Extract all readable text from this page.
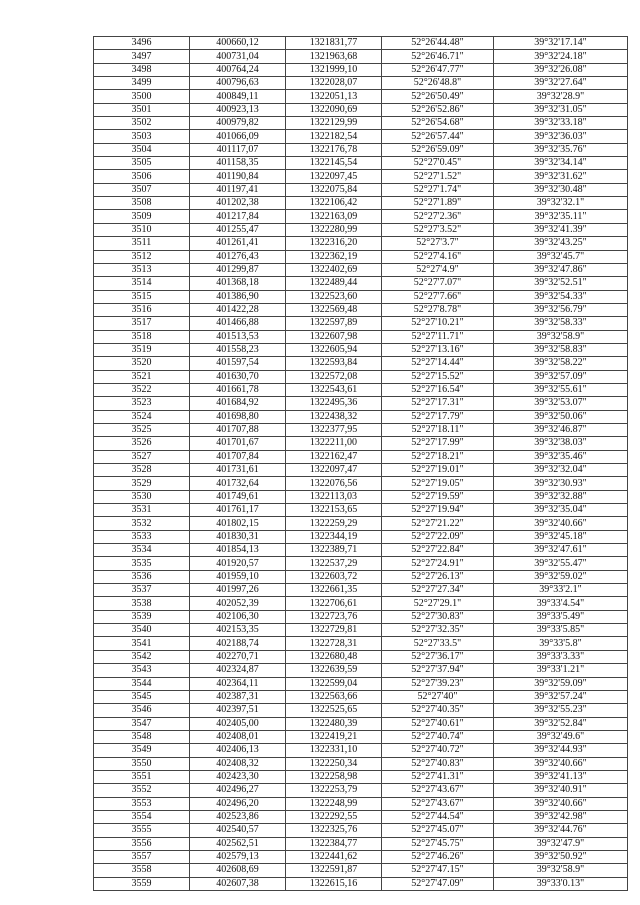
3496	400660,12	1321831,77	52°26'44.48"	39°32'17.14"
3497	400731,04	1321963,68	52°26'46.71"	39°32'24.18"
3498	400764,24	1321999,10	52°26'47.77"	39°32'26.08"
3499	400796,63	1322028,07	52°26'48.8"	39°32'27.64"
3500	400849,11	1322051,13	52°26'50.49"	39°32'28.9"
3501	400923,13	1322090,69	52°26'52.86"	39°32'31.05"
3502	400979,82	1322129,99	52°26'54.68"	39°32'33.18"
3503	401066,09	1322182,54	52°26'57.44"	39°32'36.03"
3504	401117,07	1322176,78	52°26'59.09"	39°32'35.76"
3505	401158,35	1322145,54	52°27'0.45"	39°32'34.14"
3506	401190,84	1322097,45	52°27'1.52"	39°32'31.62"
3507	401197,41	1322075,84	52°27'1.74"	39°32'30.48"
3508	401202,38	1322106,42	52°27'1.89"	39°32'32.1"
3509	401217,84	1322163,09	52°27'2.36"	39°32'35.11"
3510	401255,47	1322280,99	52°27'3.52"	39°32'41.39"
3511	401261,41	1322316,20	52°27'3.7"	39°32'43.25"
3512	401276,43	1322362,19	52°27'4.16"	39°32'45.7"
3513	401299,87	1322402,69	52°27'4.9"	39°32'47.86"
3514	401368,18	1322489,44	52°27'7.07"	39°32'52.51"
3515	401386,90	1322523,60	52°27'7.66"	39°32'54.33"
3516	401422,28	1322569,48	52°27'8.78"	39°32'56.79"
3517	401466,88	1322597,89	52°27'10.21"	39°32'58.33"
3518	401513,53	1322607,98	52°27'11.71"	39°32'58.9"
3519	401558,23	1322605,94	52°27'13.16"	39°32'58.83"
3520	401597,54	1322593,84	52°27'14.44"	39°32'58.22"
3521	401630,70	1322572,08	52°27'15.52"	39°32'57.09"
3522	401661,78	1322543,61	52°27'16.54"	39°32'55.61"
3523	401684,92	1322495,36	52°27'17.31"	39°32'53.07"
3524	401698,80	1322438,32	52°27'17.79"	39°32'50.06"
3525	401707,88	1322377,95	52°27'18.11"	39°32'46.87"
3526	401701,67	1322211,00	52°27'17.99"	39°32'38.03"
3527	401707,84	1322162,47	52°27'18.21"	39°32'35.46"
3528	401731,61	1322097,47	52°27'19.01"	39°32'32.04"
3529	401732,64	1322076,56	52°27'19.05"	39°32'30.93"
3530	401749,61	1322113,03	52°27'19.59"	39°32'32.88"
3531	401761,17	1322153,65	52°27'19.94"	39°32'35.04"
3532	401802,15	1322259,29	52°27'21.22"	39°32'40.66"
3533	401830,31	1322344,19	52°27'22.09"	39°32'45.18"
3534	401854,13	1322389,71	52°27'22.84"	39°32'47.61"
3535	401920,57	1322537,29	52°27'24.91"	39°32'55.47"
3536	401959,10	1322603,72	52°27'26.13"	39°32'59.02"
3537	401997,26	1322661,35	52°27'27.34"	39°33'2.1"
3538	402052,39	1322706,61	52°27'29.1"	39°33'4.54"
3539	402106,30	1322723,76	52°27'30.83"	39°33'5.49"
3540	402153,35	1322729,81	52°27'32.35"	39°33'5.85"
3541	402188,74	1322728,31	52°27'33.5"	39°33'5.8"
3542	402270,71	1322680,48	52°27'36.17"	39°33'3.33"
3543	402324,87	1322639,59	52°27'37.94"	39°33'1.21"
3544	402364,11	1322599,04	52°27'39.23"	39°32'59.09"
3545	402387,31	1322563,66	52°27'40"	39°32'57.24"
3546	402397,51	1322525,65	52°27'40.35"	39°32'55.23"
3547	402405,00	1322480,39	52°27'40.61"	39°32'52.84"
3548	402408,01	1322419,21	52°27'40.74"	39°32'49.6"
3549	402406,13	1322331,10	52°27'40.72"	39°32'44.93"
3550	402408,32	1322250,34	52°27'40.83"	39°32'40.66"
3551	402423,30	1322258,98	52°27'41.31"	39°32'41.13"
3552	402496,27	1322253,79	52°27'43.67"	39°32'40.91"
3553	402496,20	1322248,99	52°27'43.67"	39°32'40.66"
3554	402523,86	1322292,55	52°27'44.54"	39°32'42.98"
3555	402540,57	1322325,76	52°27'45.07"	39°32'44.76"
3556	402562,51	1322384,77	52°27'45.75"	39°32'47.9"
3557	402579,13	1322441,62	52°27'46.26"	39°32'50.92"
3558	402608,69	1322591,87	52°27'47.15"	39°32'58.9"
3559	402607,38	1322615,16	52°27'47.09"	39°33'0.13"
